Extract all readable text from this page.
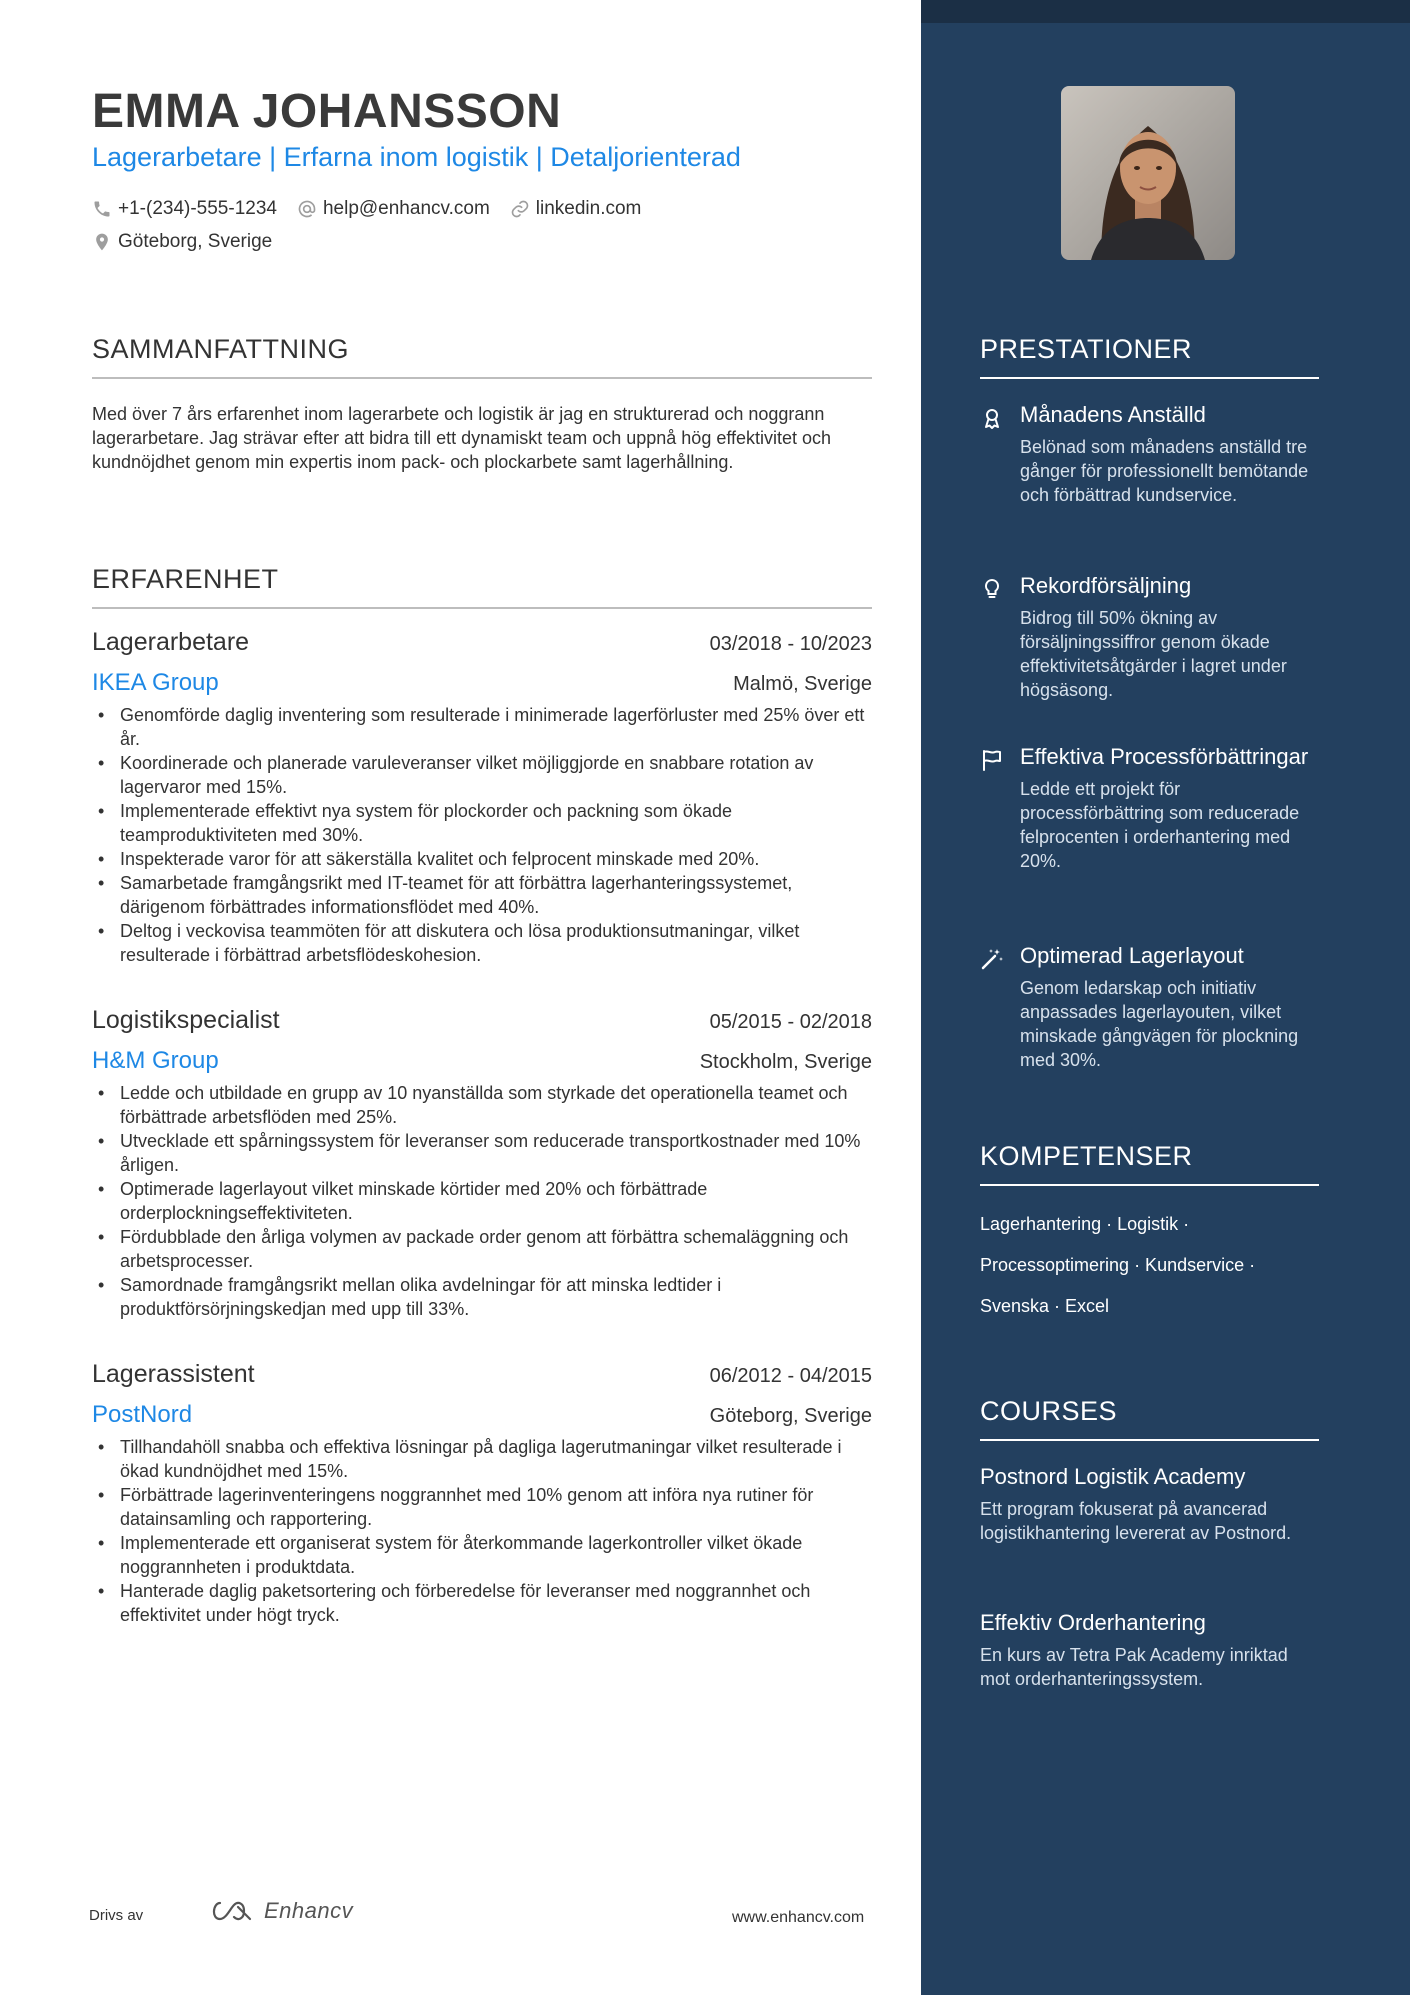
EMMA JOHANSSON
Lagerarbetare | Erfarna inom logistik | Detaljorienterad
+1-(234)-555-1234 help@enhancv.com linkedin.com
Göteborg, Sverige
SAMMANFATTNING
Med över 7 års erfarenhet inom lagerarbete och logistik är jag en strukturerad och noggrann lagerarbetare. Jag strävar efter att bidra till ett dynamiskt team och uppnå hög effektivitet och kundnöjdhet genom min expertis inom pack- och plockarbete samt lagerhållning.
ERFARENHET
Lagerarbetare	03/2018 - 10/2023
IKEA Group	Malmö, Sverige
• Genomförde daglig inventering som resulterade i minimerade lagerförluster med 25% över ett år.
• Koordinerade och planerade varuleveranser vilket möjliggjorde en snabbare rotation av lagervaror med 15%.
• Implementerade effektivt nya system för plockorder och packning som ökade teamproduktiviteten med 30%.
• Inspekterade varor för att säkerställa kvalitet och felprocent minskade med 20%.
• Samarbetade framgångsrikt med IT-teamet för att förbättra lagerhanteringssystemet, därigenom förbättrades informationsflödet med 40%.
• Deltog i veckovisa teammöten för att diskutera och lösa produktionsutmaningar, vilket resulterade i förbättrad arbetsflödeskohesion.
Logistikspecialist	05/2015 - 02/2018
H&M Group	Stockholm, Sverige
• Ledde och utbildade en grupp av 10 nyanställda som styrkade det operationella teamet och förbättrade arbetsflöden med 25%.
• Utvecklade ett spårningssystem för leveranser som reducerade transportkostnader med 10% årligen.
• Optimerade lagerlayout vilket minskade körtider med 20% och förbättrade orderplockningseffektiviteten.
• Fördubblade den årliga volymen av packade order genom att förbättra schemaläggning och arbetsprocesser.
• Samordnade framgångsrikt mellan olika avdelningar för att minska ledtider i produktförsörjningskedjan med upp till 33%.
Lagerassistent	06/2012 - 04/2015
PostNord	Göteborg, Sverige
• Tillhandahöll snabba och effektiva lösningar på dagliga lagerutmaningar vilket resulterade i ökad kundnöjdhet med 15%.
• Förbättrade lagerinventeringens noggrannhet med 10% genom att införa nya rutiner för datainsamling och rapportering.
• Implementerade ett organiserat system för återkommande lagerkontroller vilket ökade noggrannheten i produktdata.
• Hanterade daglig paketsortering och förberedelse för leveranser med noggrannhet och effektivitet under högt tryck.
PRESTATIONER
Månadens Anställd
Belönad som månadens anställd tre gånger för professionellt bemötande och förbättrad kundservice.
Rekordförsäljning
Bidrog till 50% ökning av försäljningssiffror genom ökade effektivitetsåtgärder i lagret under högsäsong.
Effektiva Processförbättringar
Ledde ett projekt för processförbättring som reducerade felprocenten i orderhantering med 20%.
Optimerad Lagerlayout
Genom ledarskap och initiativ anpassades lagerlayouten, vilket minskade gångvägen för plockning med 30%.
KOMPETENSER
Lagerhantering · Logistik ·
Processoptimering · Kundservice ·
Svenska · Excel
COURSES
Postnord Logistik Academy
Ett program fokuserat på avancerad logistikhantering levererat av Postnord.
Effektiv Orderhantering
En kurs av Tetra Pak Academy inriktad mot orderhanteringssystem.
Drivs av	Enhancv	www.enhancv.com
